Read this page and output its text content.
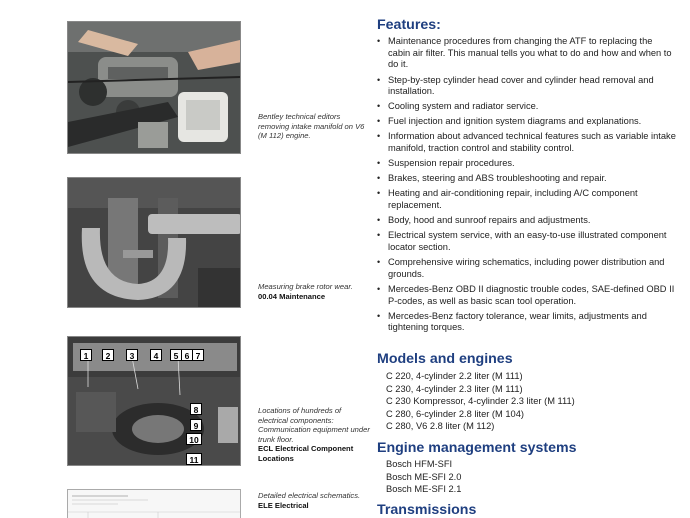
Bentley technical editors removing intake manifold on V6 (M 112) engine.
Measuring brake rotor wear.
00.04 Maintenance
1	2	3	4	5 6 7
8
9
10
11
Locations of hundreds of electrical components: Communication equipment under trunk floor.
ECL Electrical Component Locations
Detailed electrical schematics.
ELE Electrical
Features:
• Maintenance procedures from changing the ATF to replacing the cabin air filter. This manual tells you what to do and how and when to do it.
• Step-by-step cylinder head cover and cylinder head removal and installation.
• Cooling system and radiator service.
• Fuel injection and ignition system diagrams and explanations.
• Information about advanced technical features such as variable intake manifold, traction control and stability control.
• Suspension repair procedures.
• Brakes, steering and ABS troubleshooting and repair.
• Heating and air-conditioning repair, including A/C component replacement.
• Body, hood and sunroof repairs and adjustments.
• Electrical system service, with an easy-to-use illustrated component locator section.
• Comprehensive wiring schematics, including power distribution and grounds.
• Mercedes-Benz OBD II diagnostic trouble codes, SAE-defined OBD II P-codes, as well as basic scan tool operation.
• Mercedes-Benz factory tolerance, wear limits, adjustments and tightening torques.
Models and engines
C 220, 4-cylinder 2.2 liter (M 111)
C 230, 4-cylinder 2.3 liter (M 111)
C 230 Kompressor, 4-cylinder 2.3 liter (M 111)
C 280, 6-cylinder 2.8 liter (M 104)
C 280, V6 2.8 liter (M 112)
Engine management systems
Bosch HFM-SFI
Bosch ME-SFI 2.0
Bosch ME-SFI 2.1
Transmissions
